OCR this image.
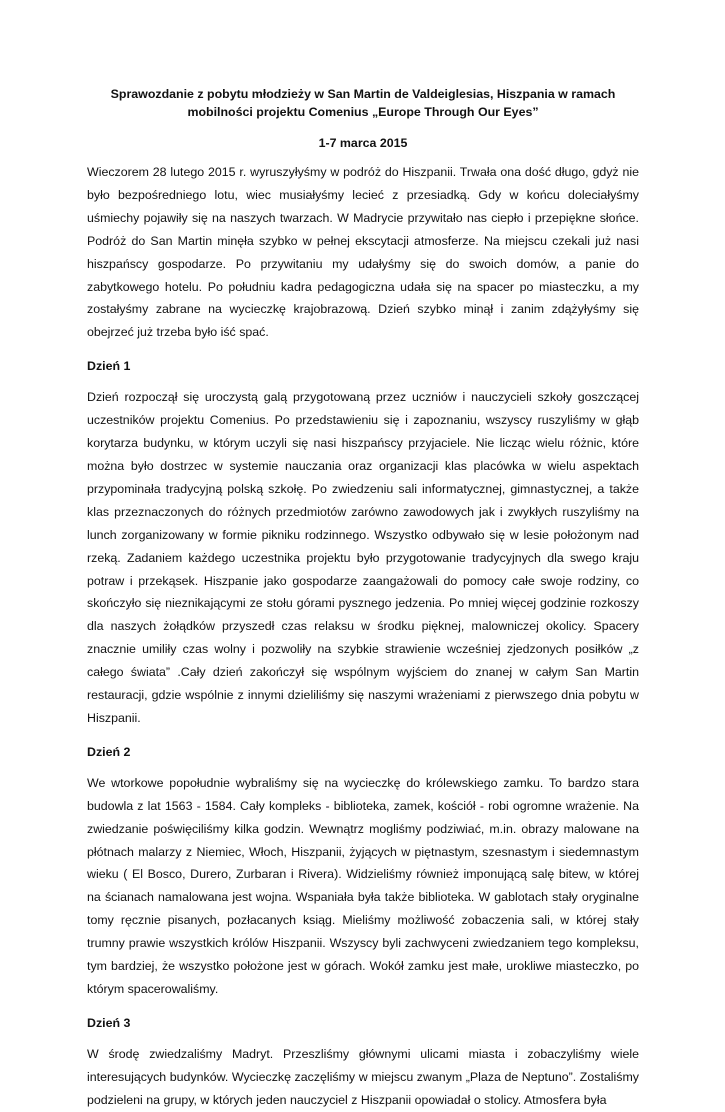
Sprawozdanie z pobytu młodzieży w San Martin de Valdeiglesias, Hiszpania w ramach mobilności projektu Comenius „Europe Through Our Eyes”

1-7 marca 2015

Wieczorem 28 lutego 2015 r. wyruszyłyśmy w podróż do Hiszpanii. Trwała ona dość długo, gdyż nie było bezpośredniego lotu, wiec musiałyśmy lecieć z przesiadką. Gdy w końcu doleciałyśmy uśmiechy pojawiły się na naszych twarzach. W Madrycie przywitało nas ciepło i przepiękne słońce. Podróż do San Martin minęła szybko w pełnej ekscytacji atmosferze. Na miejscu czekali już nasi hiszpańscy gospodarze. Po przywitaniu my udałyśmy się do swoich domów, a panie do zabytkowego hotelu. Po południu kadra pedagogiczna udała się na spacer po miasteczku, a my zostałyśmy zabrane na wycieczkę krajobrazową. Dzień szybko minął i zanim zdążyłyśmy się obejrzeć już trzeba było iść spać.

Dzień 1

Dzień rozpoczął się uroczystą galą przygotowaną przez uczniów i nauczycieli szkoły goszczącej uczestników projektu Comenius. Po przedstawieniu się i zapoznaniu, wszyscy ruszyliśmy w głąb korytarza budynku, w którym uczyli się nasi hiszpańscy przyjaciele. Nie licząc wielu różnic, które można było dostrzec w systemie nauczania oraz organizacji klas placówka w wielu aspektach przypominała tradycyjną polską szkołę. Po zwiedzeniu sali informatycznej, gimnastycznej, a także klas przeznaczonych do różnych przedmiotów zarówno zawodowych jak i zwykłych ruszyliśmy na lunch zorganizowany w formie pikniku rodzinnego. Wszystko odbywało się w lesie położonym nad rzeką. Zadaniem każdego uczestnika projektu było przygotowanie tradycyjnych dla swego kraju potraw i przekąsek. Hiszpanie jako gospodarze zaangażowali do pomocy całe swoje rodziny, co skończyło się nieznikającymi ze stołu górami pysznego jedzenia. Po mniej więcej godzinie rozkoszy dla naszych żołądków przyszedł czas relaksu w środku pięknej, malowniczej okolicy. Spacery znacznie umiliły czas wolny i pozwoliły na szybkie strawienie wcześniej zjedzonych posiłków „z całego świata” .Cały dzień zakończył się wspólnym wyjściem do znanej w całym San Martin restauracji, gdzie wspólnie z innymi dzieliliśmy się naszymi wrażeniami z pierwszego dnia pobytu w Hiszpanii.

Dzień 2

We wtorkowe popołudnie wybraliśmy się na wycieczkę do królewskiego zamku. To bardzo stara budowla z lat 1563 - 1584. Cały kompleks - biblioteka, zamek, kościół - robi ogromne wrażenie. Na zwiedzanie poświęciliśmy kilka godzin. Wewnątrz mogliśmy podziwiać, m.in. obrazy malowane na płótnach malarzy z Niemiec, Włoch, Hiszpanii, żyjących w piętnastym, szesnastym i siedemnastym wieku ( El Bosco, Durero, Zurbaran i Rivera). Widzieliśmy również imponującą salę bitew, w której na ścianach namalowana jest wojna. Wspaniała była także biblioteka. W gablotach stały oryginalne tomy ręcznie pisanych, pozłacanych ksiąg. Mieliśmy możliwość zobaczenia sali, w której stały trumny prawie wszystkich królów Hiszpanii. Wszyscy byli zachwyceni zwiedzaniem tego kompleksu, tym bardziej, że wszystko położone jest w górach. Wokół zamku jest małe, urokliwe miasteczko, po którym spacerowaliśmy.

Dzień 3

W środę zwiedzaliśmy Madryt. Przeszliśmy głównymi ulicami miasta i zobaczyliśmy wiele interesujących budynków. Wycieczkę zaczęliśmy w miejscu zwanym „Plaza de Neptuno”. Zostaliśmy podzieleni na grupy, w których jeden nauczyciel z Hiszpanii opowiadał o stolicy. Atmosfera była
